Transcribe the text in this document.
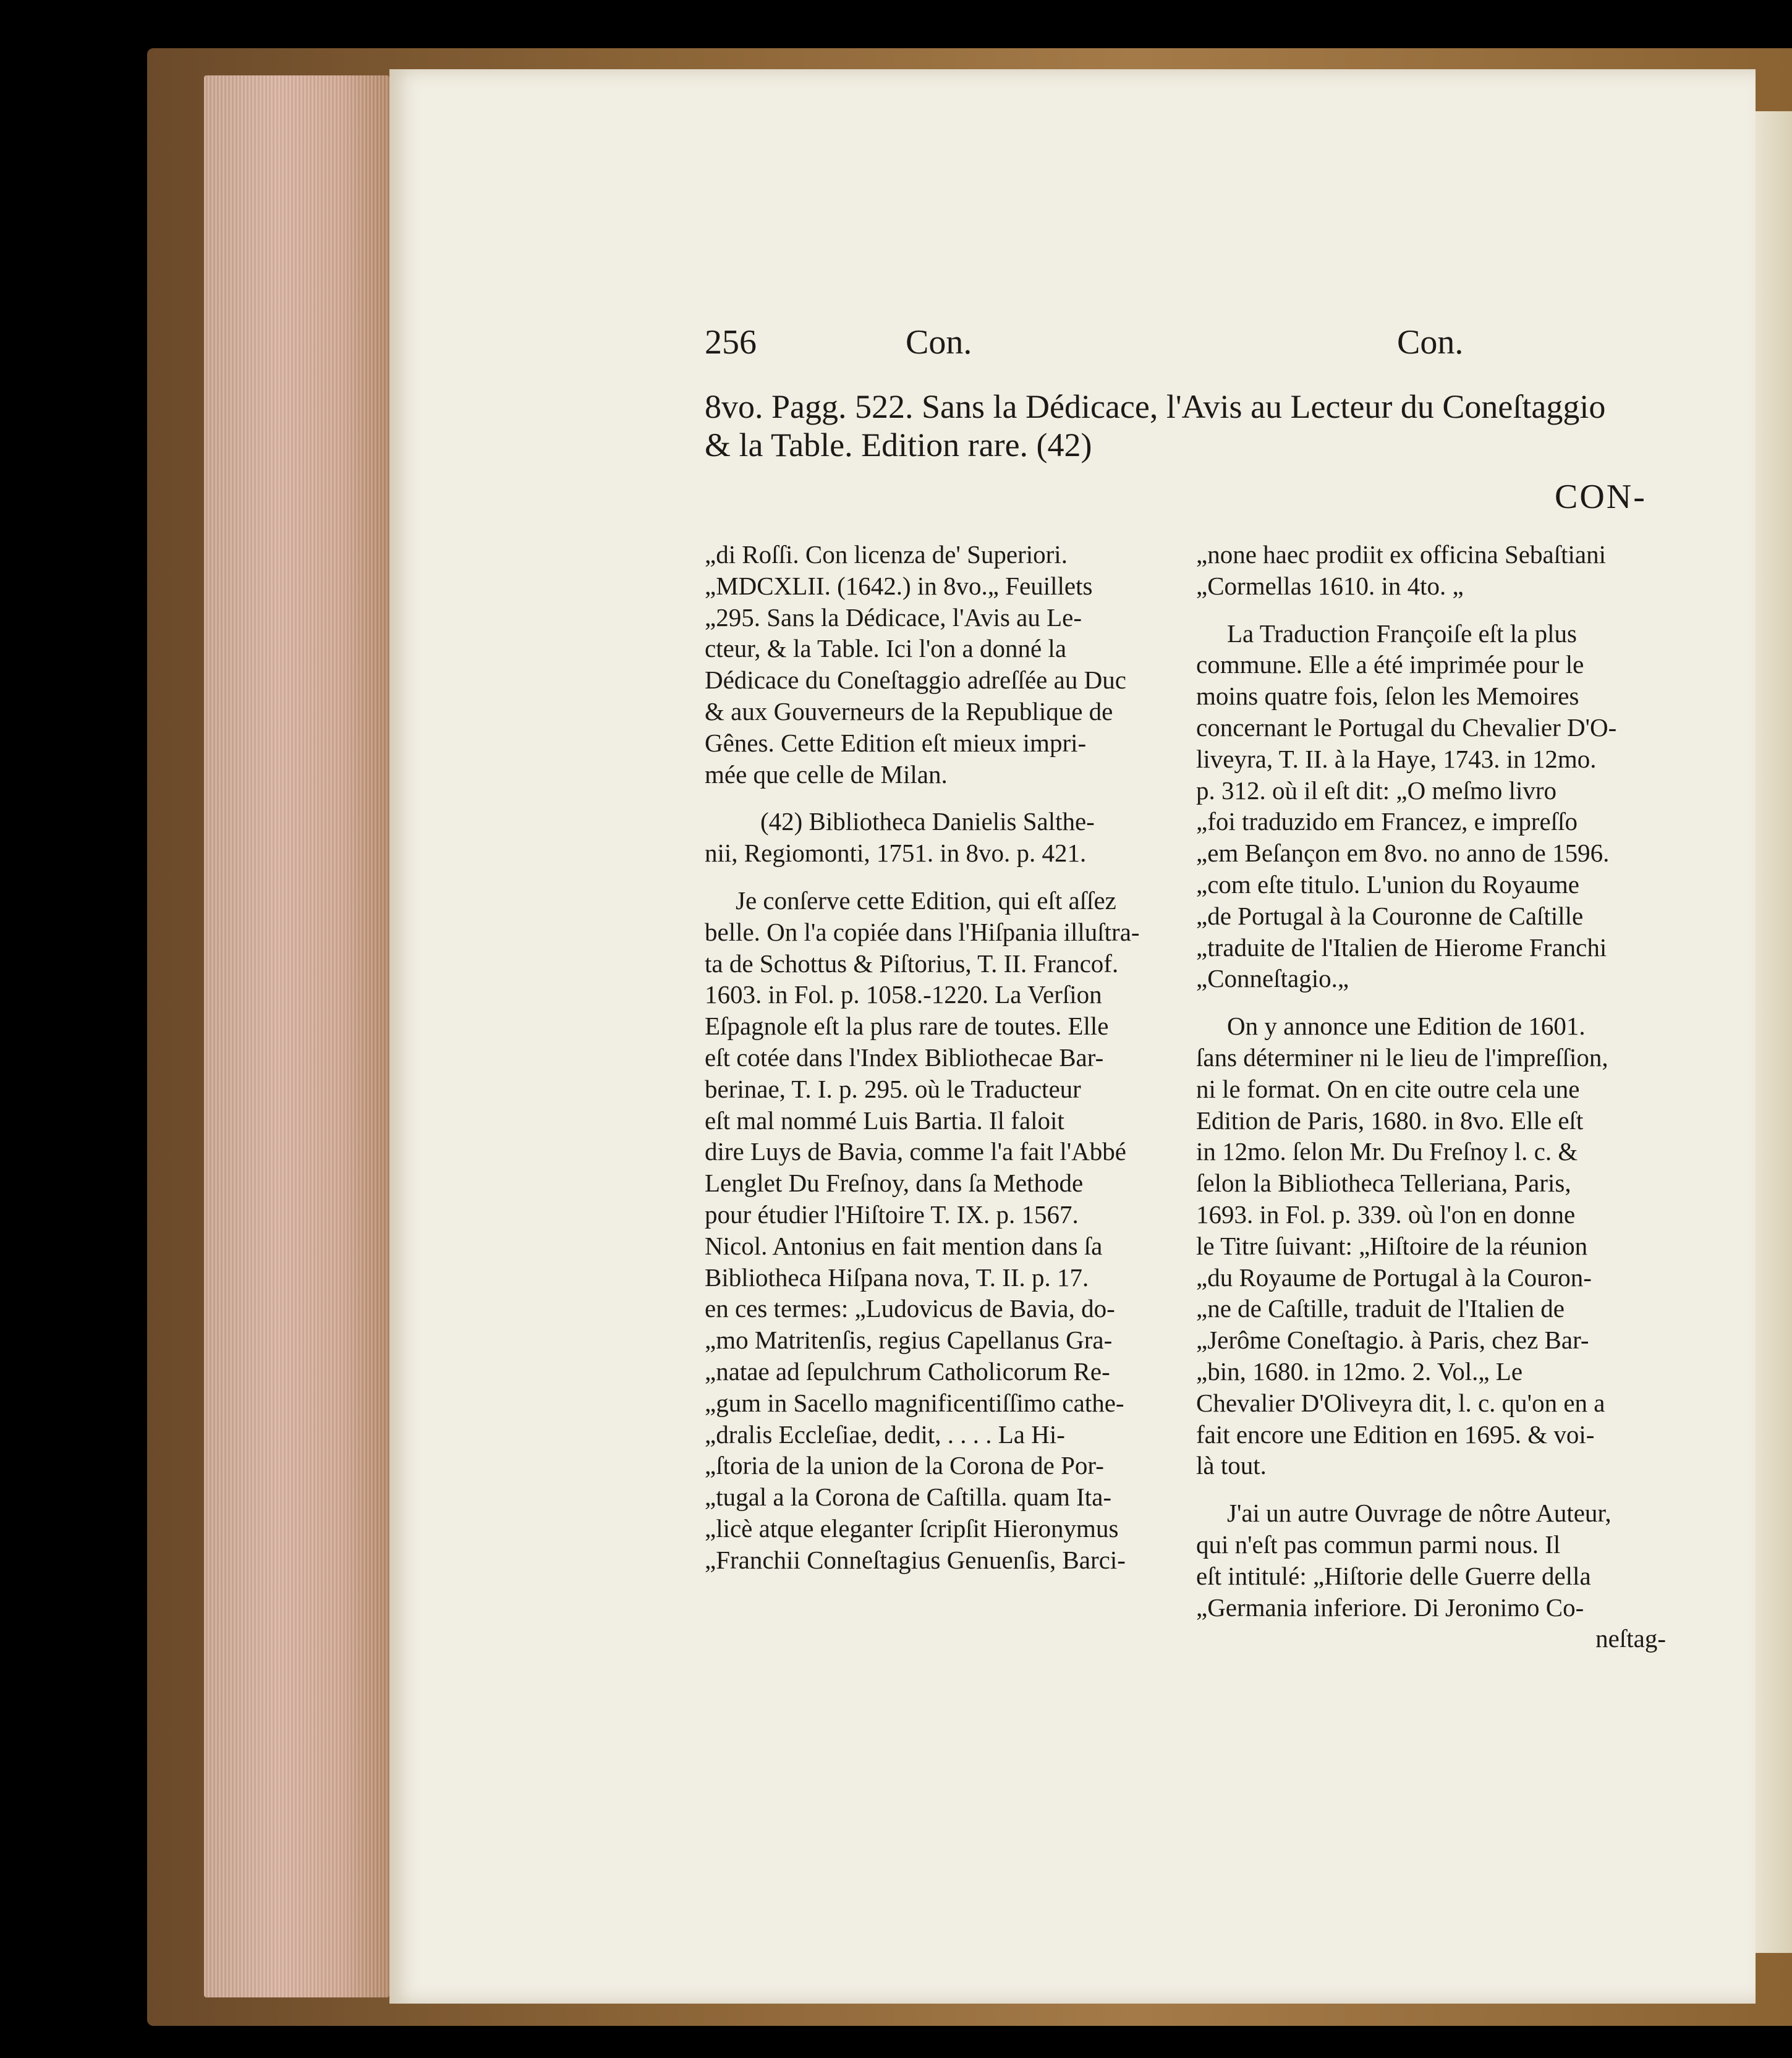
256	Con.	Con.
8vo. Pagg. 522. Sans la Dédicace, l'Avis au Lecteur du Coneſtaggio
& la Table. Edition rare. (42)
CON-

„di Roſſi. Con licenza de' Superiori.
„MDCXLII. (1642.) in 8vo.„ Feuillets
„295. Sans la Dédicace, l'Avis au Le-
cteur, & la Table. Ici l'on a donné la
Dédicace du Coneſtaggio adreſſée au Duc
& aux Gouverneurs de la Republique de
Gênes. Cette Edition eſt mieux impri-
mée que celle de Milan.

(42) Bibliotheca Danielis Salthe-
nii, Regiomonti, 1751. in 8vo. p. 421.

Je conſerve cette Edition, qui eſt aſſez
belle. On l'a copiée dans l'Hiſpania illuſtra-
ta de Schottus & Piſtorius, T. II. Francof.
1603. in Fol. p. 1058.-1220. La Verſion
Eſpagnole eſt la plus rare de toutes. Elle
eſt cotée dans l'Index Bibliothecae Bar-
berinae, T. I. p. 295. où le Traducteur
eſt mal nommé Luis Bartia. Il faloit
dire Luys de Bavia, comme l'a fait l'Abbé
Lenglet Du Freſnoy, dans ſa Methode
pour étudier l'Hiſtoire T. IX. p. 1567.
Nicol. Antonius en fait mention dans ſa
Bibliotheca Hiſpana nova, T. II. p. 17.
en ces termes: „Ludovicus de Bavia, do-
„mo Matritenſis, regius Capellanus Gra-
„natae ad ſepulchrum Catholicorum Re-
„gum in Sacello magnificentiſſimo cathe-
„dralis Eccleſiae, dedit, . . . . La Hi-
„ſtoria de la union de la Corona de Por-
„tugal a la Corona de Caſtilla. quam Ita-
„licè atque eleganter ſcripſit Hieronymus
„Franchii Conneſtagius Genuenſis, Barci-

„none haec prodiit ex officina Sebaſtiani
„Cormellas 1610. in 4to. „

La Traduction Françoiſe eſt la plus
commune. Elle a été imprimée pour le
moins quatre fois, ſelon les Memoires
concernant le Portugal du Chevalier D'O-
liveyra, T. II. à la Haye, 1743. in 12mo.
p. 312. où il eſt dit: „O meſmo livro
„foi traduzido em Francez, e impreſſo
„em Beſançon em 8vo. no anno de 1596.
„com eſte titulo. L'union du Royaume
„de Portugal à la Couronne de Caſtille
„traduite de l'Italien de Hierome Franchi
„Conneſtagio.„

On y annonce une Edition de 1601.
ſans déterminer ni le lieu de l'impreſſion,
ni le format. On en cite outre cela une
Edition de Paris, 1680. in 8vo. Elle eſt
in 12mo. ſelon Mr. Du Freſnoy l. c. &
ſelon la Bibliotheca Telleriana, Paris,
1693. in Fol. p. 339. où l'on en donne
le Titre ſuivant: „Hiſtoire de la réunion
„du Royaume de Portugal à la Couron-
„ne de Caſtille, traduit de l'Italien de
„Jerôme Coneſtagio. à Paris, chez Bar-
„bin, 1680. in 12mo. 2. Vol.„ Le
Chevalier D'Oliveyra dit, l. c. qu'on en a
fait encore une Edition en 1695. & voi-
là tout.

J'ai un autre Ouvrage de nôtre Auteur,
qui n'eſt pas commun parmi nous. Il
eſt intitulé: „Hiſtorie delle Guerre della
„Germania inferiore. Di Jeronimo Co-

neſtag-
